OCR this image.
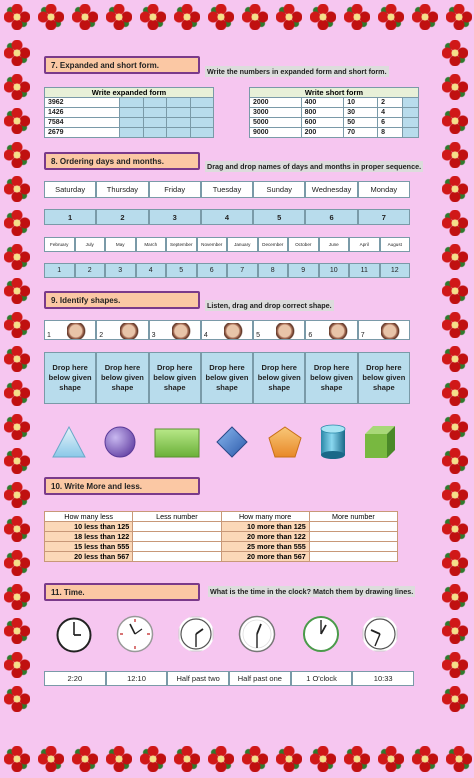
7. Expanded and short form.
Write the numbers in expanded form and short form.
Write expanded form				
3962				
1426				
7584				
2679				
Write short form				
2000	400	10	2	
3000	800	30	4	
5000	600	50	6	
9000	200	70	8	
8. Ordering days and months.
Drag and drop names of days and months in proper sequence.
Saturday	Thursday	Friday	Tuesday	Sunday	Wednesday	Monday
1	2	3	4	5	6	7
February	July	May	March	September	November	January	December	October	June	April	August
1	2	3	4	5	6	7	8	9	10	11	12
9. Identify shapes.
Listen, drag and drop correct shape.
1	2	3	4	5	6	7
Drop here below given shape
Drop here below given shape
Drop here below given shape
Drop here below given shape
Drop here below given shape
Drop here below given shape
Drop here below given shape
10. Write More and less.
How many less	Less number	How many more	More number
10 less than 125		10 more than 125	
18 less than 122		20 more than 122	
15 less than 555		25 more than 555	
20 less than 567		20 more than 567	
11. Time.	What is the time in the clock? Match them by drawing lines.
2:20	12:10	Half past two	Half past one	1 O'clock	10:33
